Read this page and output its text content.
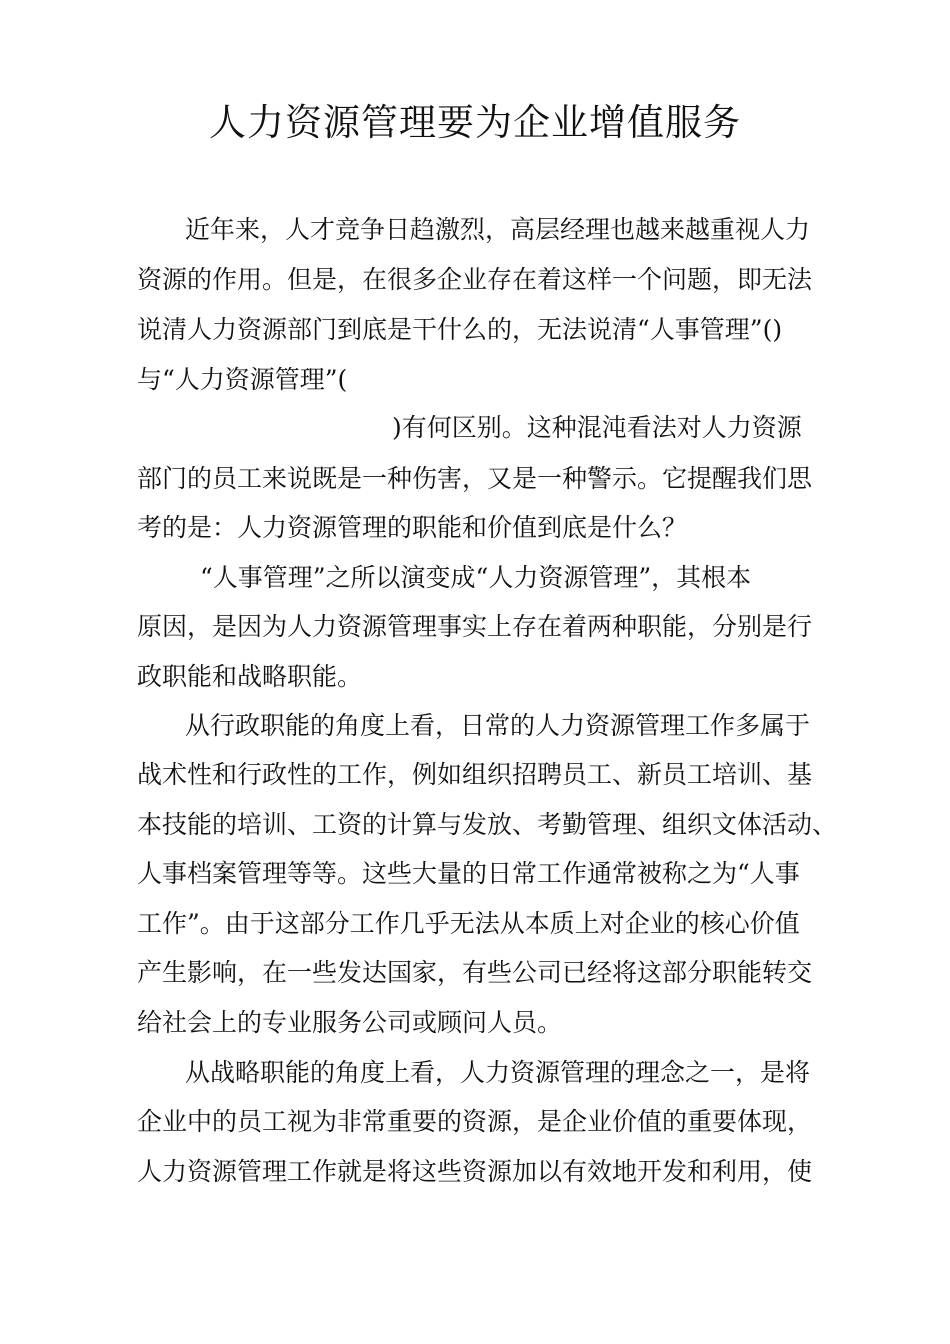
人力资源管理要为企业增值服务
近年来，人才竞争日趋激烈，高层经理也越来越重视人力
资源的作用。但是，在很多企业存在着这样一个问题，即无法
说清人力资源部门到底是干什么的，无法说清“人事管理”()
与“人力资源管理”(
)有何区别。这种混沌看法对人力资源
部门的员工来说既是一种伤害，又是一种警示。它提醒我们思
考的是：人力资源管理的职能和价值到底是什么？
“人事管理”之所以演变成“人力资源管理”，其根本
原因，是因为人力资源管理事实上存在着两种职能，分别是行
政职能和战略职能。
从行政职能的角度上看，日常的人力资源管理工作多属于
战术性和行政性的工作，例如组织招聘员工、新员工培训、基
本技能的培训、工资的计算与发放、考勤管理、组织文体活动、
人事档案管理等等。这些大量的日常工作通常被称之为“人事
工作”。由于这部分工作几乎无法从本质上对企业的核心价值
产生影响，在一些发达国家，有些公司已经将这部分职能转交
给社会上的专业服务公司或顾问人员。
从战略职能的角度上看，人力资源管理的理念之一，是将
企业中的员工视为非常重要的资源，是企业价值的重要体现，
人力资源管理工作就是将这些资源加以有效地开发和利用，使
